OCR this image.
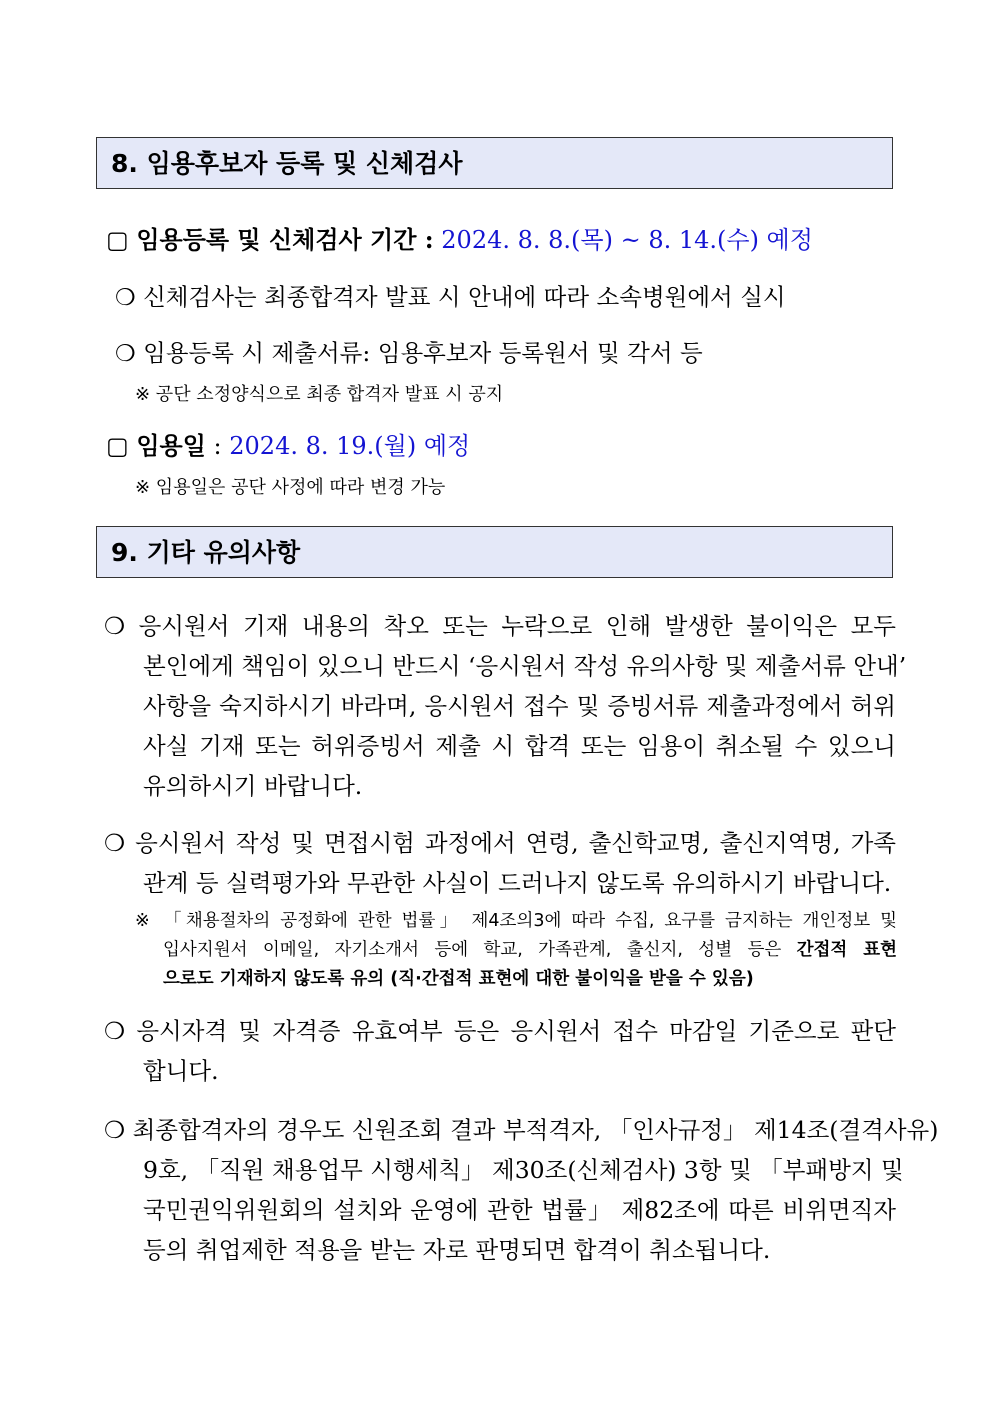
8. 임용후보자 등록 및 신체검사
▢ 임용등록 및 신체검사 기간 : 2024. 8. 8.(목) ~ 8. 14.(수) 예정
❍ 신체검사는 최종합격자 발표 시 안내에 따라 소속병원에서 실시
❍ 임용등록 시 제출서류: 임용후보자 등록원서 및 각서 등
※ 공단 소정양식으로 최종 합격자 발표 시 공지
▢ 임용일 : 2024. 8. 19.(월) 예정
※ 임용일은 공단 사정에 따라 변경 가능
9. 기타 유의사항
❍ 응시원서 기재 내용의 착오 또는 누락으로 인해 발생한 불이익은 모두
본인에게 책임이 있으니 반드시 ‘응시원서 작성 유의사항 및 제출서류 안내’
사항을 숙지하시기 바라며, 응시원서 접수 및 증빙서류 제출과정에서 허위
사실 기재 또는 허위증빙서 제출 시 합격 또는 임용이 취소될 수 있으니
유의하시기 바랍니다.
❍ 응시원서 작성 및 면접시험 과정에서 연령, 출신학교명, 출신지역명, 가족
관계 등 실력평가와 무관한 사실이 드러나지 않도록 유의하시기 바랍니다.
※ 「채용절차의 공정화에 관한 법률」 제4조의3에 따라 수집, 요구를 금지하는 개인정보 및
입사지원서 이메일, 자기소개서 등에 학교, 가족관계, 출신지, 성별 등은 간접적 표현
으로도 기재하지 않도록 유의 (직·간접적 표현에 대한 불이익을 받을 수 있음)
❍ 응시자격 및 자격증 유효여부 등은 응시원서 접수 마감일 기준으로 판단
합니다.
❍ 최종합격자의 경우도 신원조회 결과 부적격자, 「인사규정」 제14조(결격사유)
9호, 「직원 채용업무 시행세칙」 제30조(신체검사) 3항 및 「부패방지 및
국민권익위원회의 설치와 운영에 관한 법률」 제82조에 따른 비위면직자
등의 취업제한 적용을 받는 자로 판명되면 합격이 취소됩니다.
